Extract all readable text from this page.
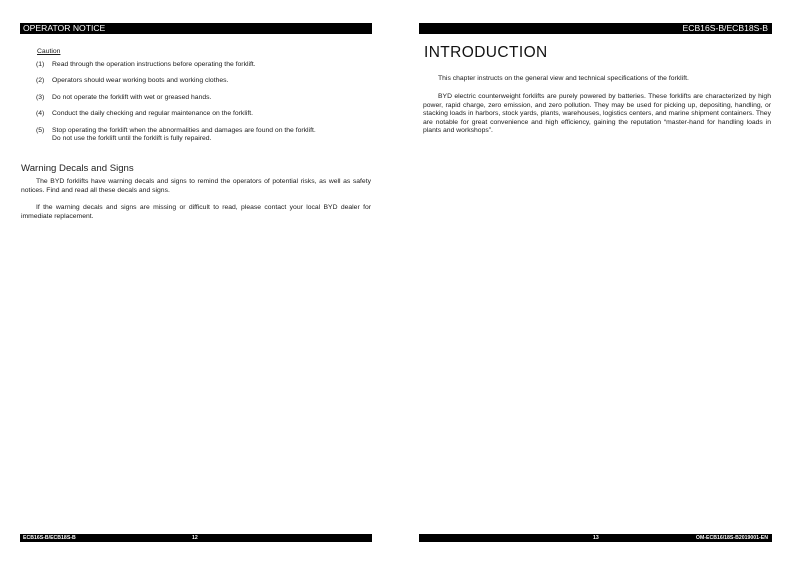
OPERATOR NOTICE
Caution
(1) Read through the operation instructions before operating the forklift.
(2) Operators should wear working boots and working clothes.
(3) Do not operate the forklift with wet or greased hands.
(4) Conduct the daily checking and regular maintenance on the forklift.
(5) Stop operating the forklift when the abnormalities and damages are found on the forklift.
Do not use the forklift until the forklift is fully repaired.
Warning Decals and Signs

The BYD forklifts have warning decals and signs to remind the operators of potential risks, as well as safety notices. Find and read all these decals and signs.

If the warning decals and signs are missing or difficult to read, please contact your local BYD dealer for immediate replacement.

ECB16S-B/ECB18S-B	12
ECB16S-B/ECB18S-B
INTRODUCTION

This chapter instructs on the general view and technical specifications of the forklift.

BYD electric counterweight forklifts are purely powered by batteries. These forklifts are characterized by high power, rapid charge, zero emission, and zero pollution. They may be used for picking up, depositing, handling, or stacking loads in harbors, stock yards, plants, warehouses, logistics centers, and marine shipment containers. They are notable for great convenience and high efficiency, gaining the reputation “master-hand for handling loads in plants and workshops”.

13	OM-ECB16/18S-B2019001-EN
